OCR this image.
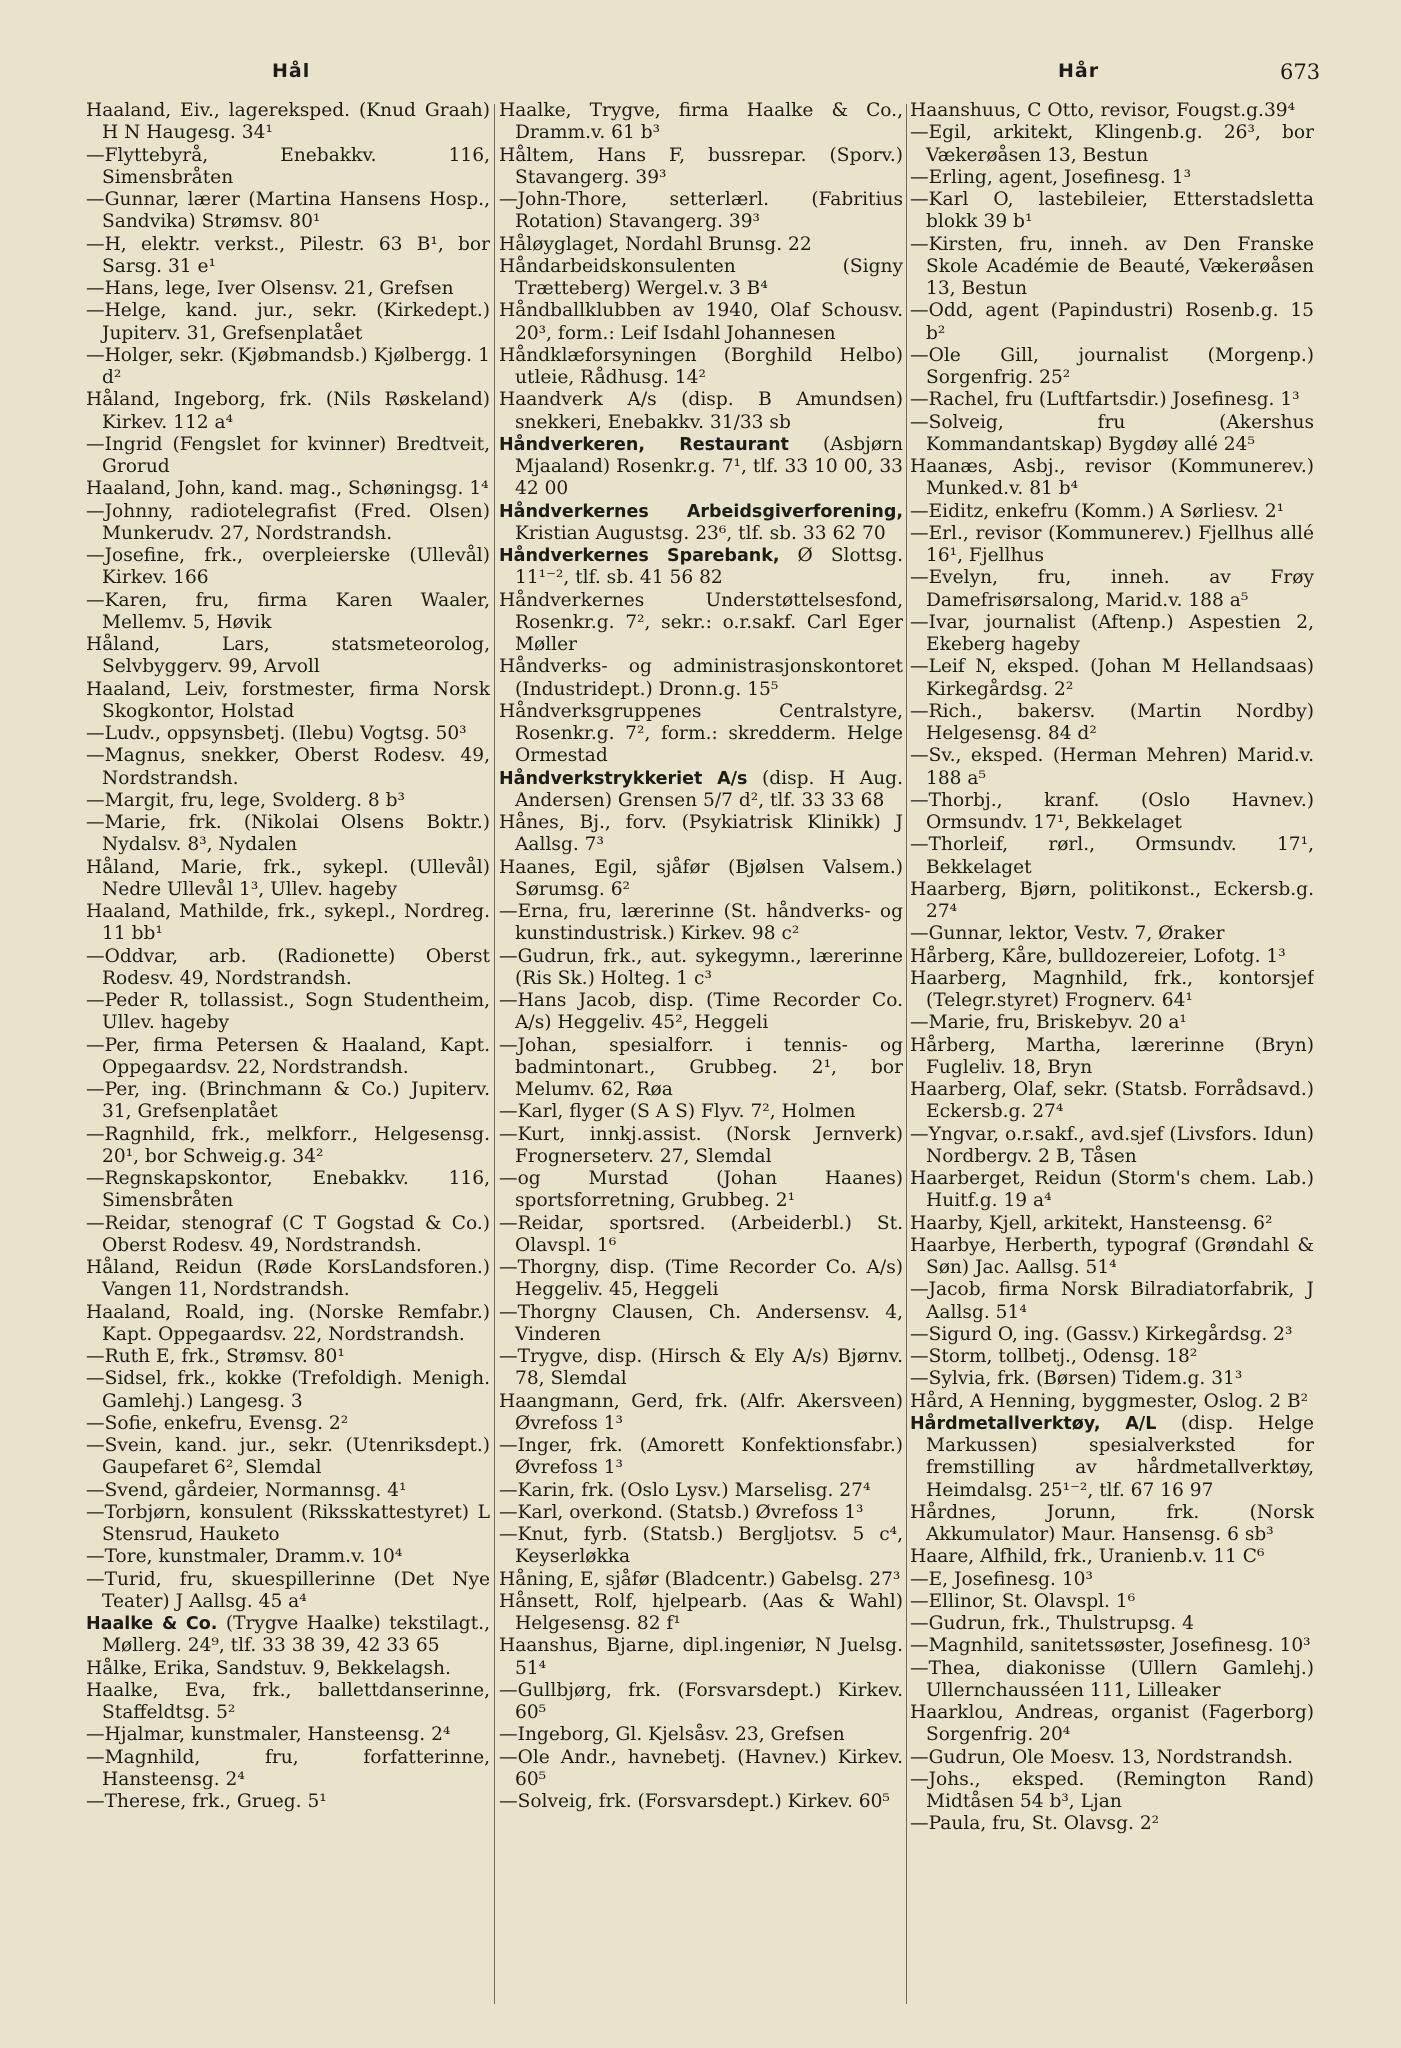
Hål	Hår	673
Haaland, Eiv., lagereksped. (Knud Graah) H N Haugesg. 34¹
—Flyttebyrå, Enebakkv. 116, Simensbråten
—Gunnar, lærer (Martina Hansens Hosp., Sandvika) Strømsv. 80¹
—H, elektr. verkst., Pilestr. 63 B¹, bor Sarsg. 31 e¹
—Hans, lege, Iver Olsensv. 21, Grefsen
—Helge, kand. jur., sekr. (Kirkedept.) Jupiterv. 31, Grefsenplatået
—Holger, sekr. (Kjøbmandsb.) Kjølbergg. 1 d²
Håland, Ingeborg, frk. (Nils Røskeland) Kirkev. 112 a⁴
—Ingrid (Fengslet for kvinner) Bredtveit, Grorud
Haaland, John, kand. mag., Schøningsg. 1⁴
—Johnny, radiotelegrafist (Fred. Olsen) Munkerudv. 27, Nordstrandsh.
—Josefine, frk., overpleierske (Ullevål) Kirkev. 166
—Karen, fru, firma Karen Waaler, Mellemv. 5, Høvik
Håland, Lars, statsmeteorolog, Selvbyggerv. 99, Arvoll
Haaland, Leiv, forstmester, firma Norsk Skogkontor, Holstad
—Ludv., oppsynsbetj. (Ilebu) Vogtsg. 50³
—Magnus, snekker, Oberst Rodesv. 49, Nordstrandsh.
—Margit, fru, lege, Svolderg. 8 b³
—Marie, frk. (Nikolai Olsens Boktr.) Nydalsv. 8³, Nydalen
Håland, Marie, frk., sykepl. (Ullevål) Nedre Ullevål 1³, Ullev. hageby
Haaland, Mathilde, frk., sykepl., Nordreg. 11 bb¹
—Oddvar, arb. (Radionette) Oberst Rodesv. 49, Nordstrandsh.
—Peder R, tollassist., Sogn Studentheim, Ullev. hageby
—Per, firma Petersen & Haaland, Kapt. Oppegaardsv. 22, Nordstrandsh.
—Per, ing. (Brinchmann & Co.) Jupiterv. 31, Grefsenplatået
—Ragnhild, frk., melkforr., Helgesensg. 20¹, bor Schweig.g. 34²
—Regnskapskontor, Enebakkv. 116, Simensbråten
—Reidar, stenograf (C T Gogstad & Co.) Oberst Rodesv. 49, Nordstrandsh.
Håland, Reidun (Røde KorsLandsforen.) Vangen 11, Nordstrandsh.
Haaland, Roald, ing. (Norske Remfabr.) Kapt. Oppegaardsv. 22, Nordstrandsh.
—Ruth E, frk., Strømsv. 80¹
—Sidsel, frk., kokke (Trefoldigh. Menigh. Gamlehj.) Langesg. 3
—Sofie, enkefru, Evensg. 2²
—Svein, kand. jur., sekr. (Utenriksdept.) Gaupefaret 6², Slemdal
—Svend, gårdeier, Normannsg. 4¹
—Torbjørn, konsulent (Riksskattestyret) L Stensrud, Hauketo
—Tore, kunstmaler, Dramm.v. 10⁴
—Turid, fru, skuespillerinne (Det Nye Teater) J Aallsg. 45 a⁴
Haalke & Co. (Trygve Haalke) tekstilagt., Møllerg. 24⁹, tlf. 33 38 39, 42 33 65
Hålke, Erika, Sandstuv. 9, Bekkelagsh.
Haalke, Eva, frk., ballettdanserinne, Staffeldtsg. 5²
—Hjalmar, kunstmaler, Hansteensg. 2⁴
—Magnhild, fru, forfatterinne, Hansteensg. 2⁴
—Therese, frk., Grueg. 5¹
Haalke, Trygve, firma Haalke & Co., Dramm.v. 61 b³
Håltem, Hans F, bussrepar. (Sporv.) Stavangerg. 39³
—John-Thore, setterlærl. (Fabritius Rotation) Stavangerg. 39³
Håløyglaget, Nordahl Brunsg. 22
Håndarbeidskonsulenten (Signy Trætteberg) Wergel.v. 3 B⁴
Håndballklubben av 1940, Olaf Schousv. 20³, form.: Leif Isdahl Johannesen
Håndklæforsyningen (Borghild Helbo) utleie, Rådhusg. 14²
Haandverk A/s (disp. B Amundsen) snekkeri, Enebakkv. 31/33 sb
Håndverkeren, Restaurant (Asbjørn Mjaaland) Rosenkr.g. 7¹, tlf. 33 10 00, 33 42 00
Håndverkernes Arbeidsgiverforening, Kristian Augustsg. 23⁶, tlf. sb. 33 62 70
Håndverkernes Sparebank, Ø Slottsg. 11¹⁻², tlf. sb. 41 56 82
Håndverkernes Understøttelsesfond, Rosenkr.g. 7², sekr.: o.r.sakf. Carl Eger Møller
Håndverks- og administrasjonskontoret (Industridept.) Dronn.g. 15⁵
Håndverksgruppenes Centralstyre, Rosenkr.g. 7², form.: skredderm. Helge Ormestad
Håndverkstrykkeriet A/s (disp. H Aug. Andersen) Grensen 5/7 d², tlf. 33 33 68
Hånes, Bj., forv. (Psykiatrisk Klinikk) J Aallsg. 7³
Haanes, Egil, sjåfør (Bjølsen Valsem.) Sørumsg. 6²
—Erna, fru, lærerinne (St. håndverks- og kunstindustrisk.) Kirkev. 98 c²
—Gudrun, frk., aut. sykegymn., lærerinne (Ris Sk.) Holteg. 1 c³
—Hans Jacob, disp. (Time Recorder Co. A/s) Heggeliv. 45², Heggeli
—Johan, spesialforr. i tennis- og badmintonart., Grubbeg. 2¹, bor Melumv. 62, Røa
—Karl, flyger (S A S) Flyv. 7², Holmen
—Kurt, innkj.assist. (Norsk Jernverk) Frognerseterv. 27, Slemdal
—og Murstad (Johan Haanes) sportsforretning, Grubbeg. 2¹
—Reidar, sportsred. (Arbeiderbl.) St. Olavspl. 1⁶
—Thorgny, disp. (Time Recorder Co. A/s) Heggeliv. 45, Heggeli
—Thorgny Clausen, Ch. Andersensv. 4, Vinderen
—Trygve, disp. (Hirsch & Ely A/s) Bjørnv. 78, Slemdal
Haangmann, Gerd, frk. (Alfr. Akersveen) Øvrefoss 1³
—Inger, frk. (Amorett Konfektionsfabr.) Øvrefoss 1³
—Karin, frk. (Oslo Lysv.) Marselisg. 27⁴
—Karl, overkond. (Statsb.) Øvrefoss 1³
—Knut, fyrb. (Statsb.) Bergljotsv. 5 c⁴, Keyserløkka
Håning, E, sjåfør (Bladcentr.) Gabelsg. 27³
Hånsett, Rolf, hjelpearb. (Aas & Wahl) Helgesensg. 82 f¹
Haanshus, Bjarne, dipl.ingeniør, N Juelsg. 51⁴
—Gullbjørg, frk. (Forsvarsdept.) Kirkev. 60⁵
—Ingeborg, Gl. Kjelsåsv. 23, Grefsen
—Ole Andr., havnebetj. (Havnev.) Kirkev. 60⁵
—Solveig, frk. (Forsvarsdept.) Kirkev. 60⁵
Haanshuus, C Otto, revisor, Fougst.g.39⁴
—Egil, arkitekt, Klingenb.g. 26³, bor Vækerøåsen 13, Bestun
—Erling, agent, Josefinesg. 1³
—Karl O, lastebileier, Etterstadsletta blokk 39 b¹
—Kirsten, fru, inneh. av Den Franske Skole Académie de Beauté, Vækerøåsen 13, Bestun
—Odd, agent (Papindustri) Rosenb.g. 15 b²
—Ole Gill, journalist (Morgenp.) Sorgenfrig. 25²
—Rachel, fru (Luftfartsdir.) Josefinesg. 1³
—Solveig, fru (Akershus Kommandantskap) Bygdøy allé 24⁵
Haanæs, Asbj., revisor (Kommunerev.) Munked.v. 81 b⁴
—Eiditz, enkefru (Komm.) A Sørliesv. 2¹
—Erl., revisor (Kommunerev.) Fjellhus allé 16¹, Fjellhus
—Evelyn, fru, inneh. av Frøy Damefrisørsalong, Marid.v. 188 a⁵
—Ivar, journalist (Aftenp.) Aspestien 2, Ekeberg hageby
—Leif N, eksped. (Johan M Hellandsaas) Kirkegårdsg. 2²
—Rich., bakersv. (Martin Nordby) Helgesensg. 84 d²
—Sv., eksped. (Herman Mehren) Marid.v. 188 a⁵
—Thorbj., kranf. (Oslo Havnev.) Ormsundv. 17¹, Bekkelaget
—Thorleif, rørl., Ormsundv. 17¹, Bekkelaget
Haarberg, Bjørn, politikonst., Eckersb.g. 27⁴
—Gunnar, lektor, Vestv. 7, Øraker
Hårberg, Kåre, bulldozereier, Lofotg. 1³
Haarberg, Magnhild, frk., kontorsjef (Telegr.styret) Frognerv. 64¹
—Marie, fru, Briskebyv. 20 a¹
Hårberg, Martha, lærerinne (Bryn) Fugleliv. 18, Bryn
Haarberg, Olaf, sekr. (Statsb. Forrådsavd.) Eckersb.g. 27⁴
—Yngvar, o.r.sakf., avd.sjef (Livsfors. Idun) Nordbergv. 2 B, Tåsen
Haarberget, Reidun (Storm's chem. Lab.) Huitf.g. 19 a⁴
Haarby, Kjell, arkitekt, Hansteensg. 6²
Haarbye, Herberth, typograf (Grøndahl & Søn) Jac. Aallsg. 51⁴
—Jacob, firma Norsk Bilradiatorfabrik, J Aallsg. 51⁴
—Sigurd O, ing. (Gassv.) Kirkegårdsg. 2³
—Storm, tollbetj., Odensg. 18²
—Sylvia, frk. (Børsen) Tidem.g. 31³
Hård, A Henning, byggmester, Oslog. 2 B²
Hårdmetallverktøy, A/L (disp. Helge Markussen) spesialverksted for fremstilling av hårdmetallverktøy, Heimdalsg. 25¹⁻², tlf. 67 16 97
Hårdnes, Jorunn, frk. (Norsk Akkumulator) Maur. Hansensg. 6 sb³
Haare, Alfhild, frk., Uranienb.v. 11 C⁶
—E, Josefinesg. 10³
—Ellinor, St. Olavspl. 1⁶
—Gudrun, frk., Thulstrupsg. 4
—Magnhild, sanitetssøster, Josefinesg. 10³
—Thea, diakonisse (Ullern Gamlehj.) Ullernchausséen 111, Lilleaker
Haarklou, Andreas, organist (Fagerborg) Sorgenfrig. 20⁴
—Gudrun, Ole Moesv. 13, Nordstrandsh.
—Johs., eksped. (Remington Rand) Midtåsen 54 b³, Ljan
—Paula, fru, St. Olavsg. 2²
